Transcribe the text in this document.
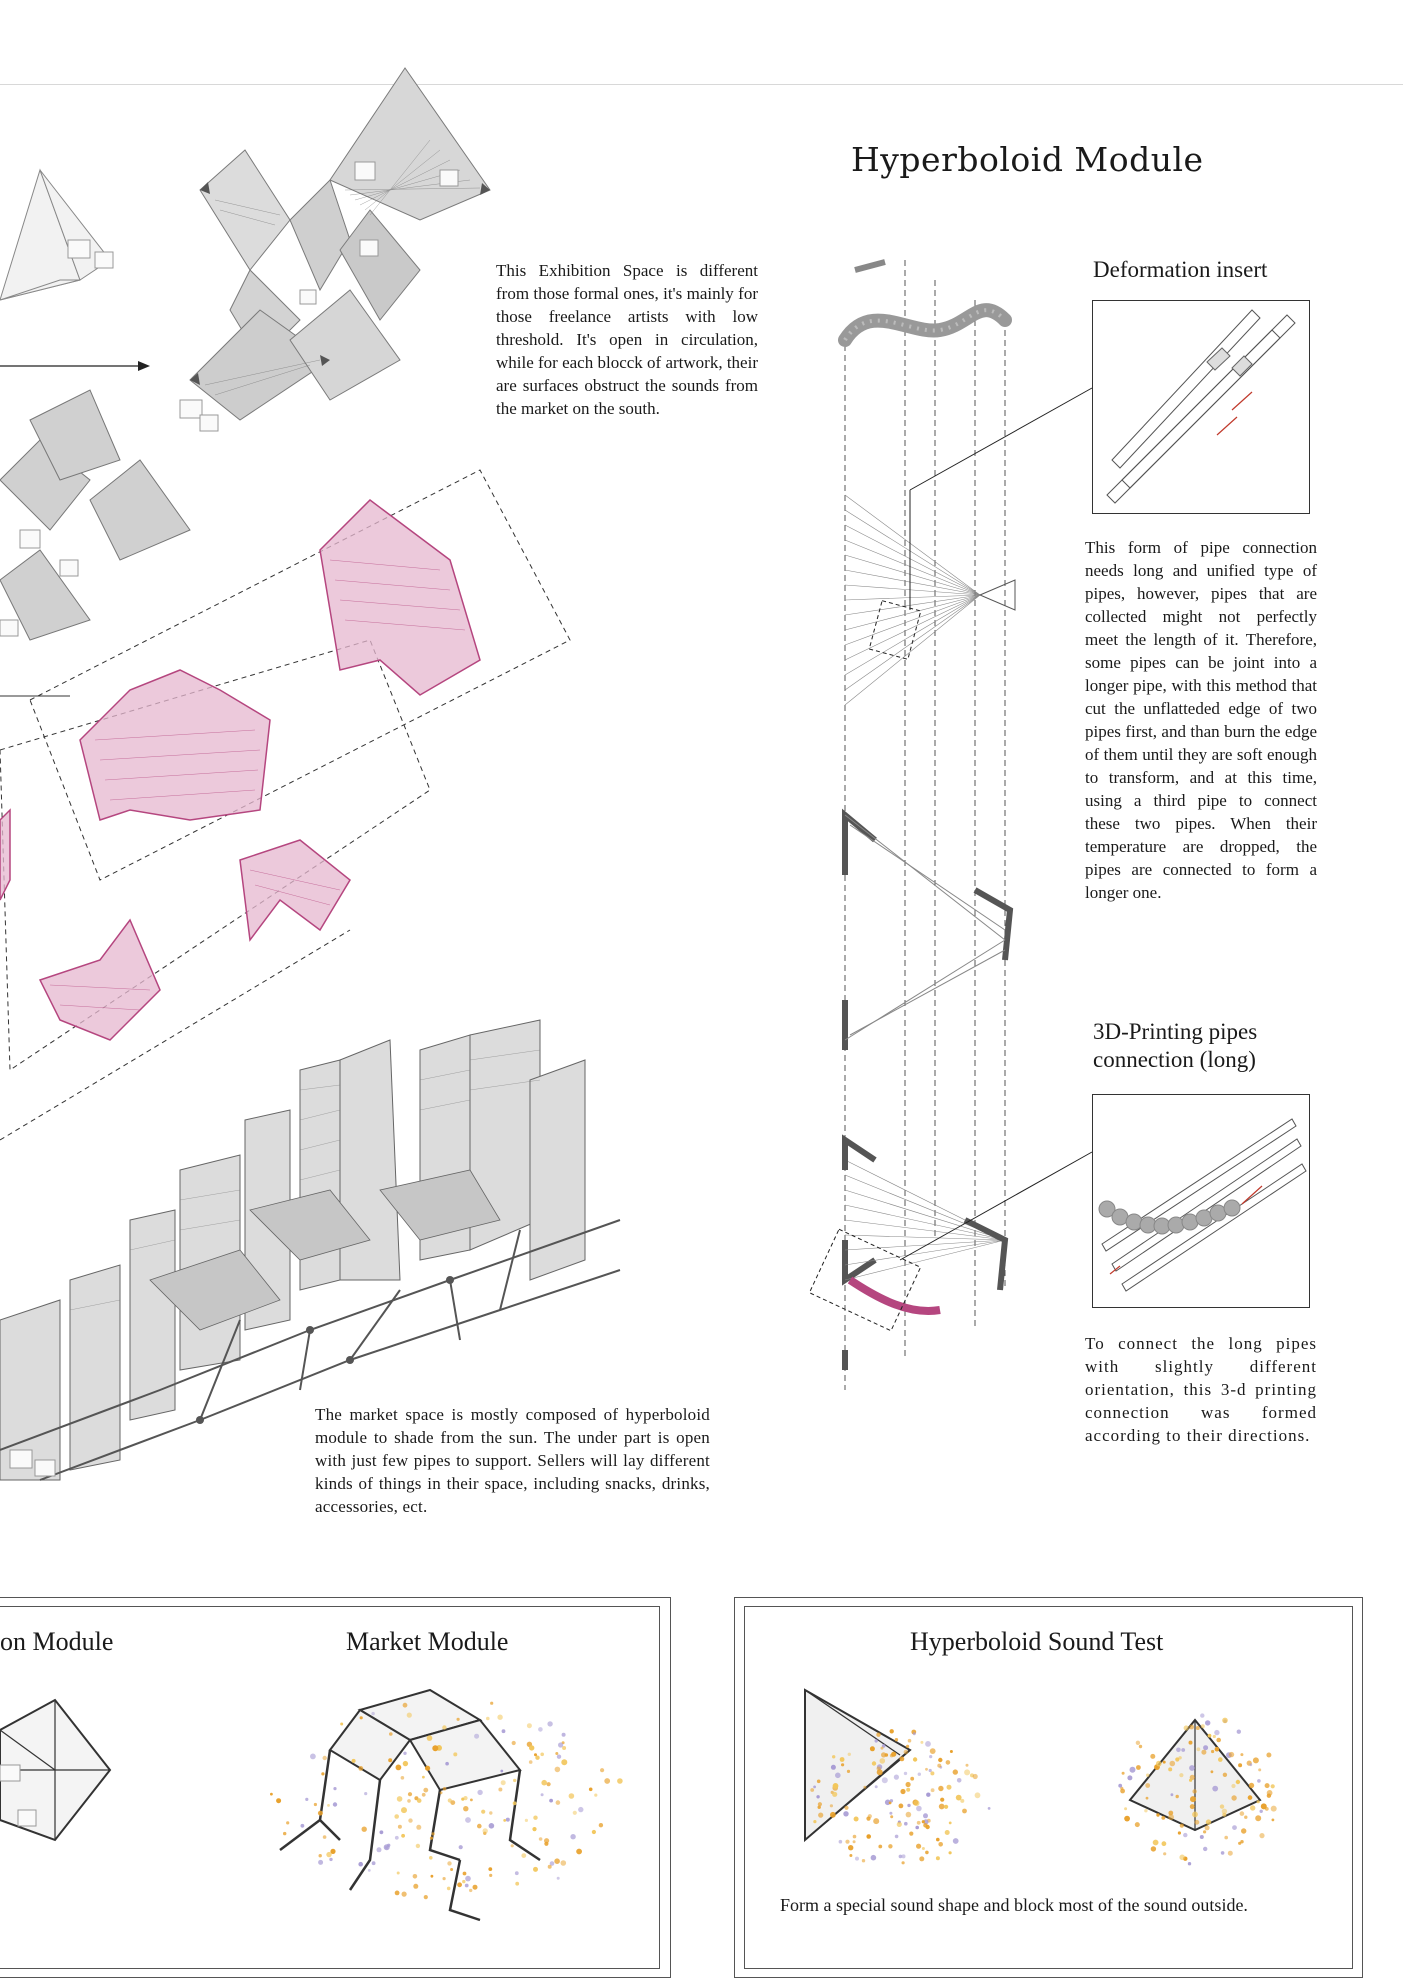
This Exhibition Space is different from those formal ones, it's mainly for those freelance artists with low threshold. It's open in circulation, while for each blocck of artwork, their are surfaces obstruct the sounds from the market on the south.
The market space is mostly composed of hyperboloid module to shade from the sun. The under part is open with just few pipes to support. Sellers will lay different kinds of things in their space, including snacks, drinks, accessories, ect.
Hyperboloid Module
Deformation insert
This form of pipe connection needs long and unified type of pipes, however, pipes that are collected might not perfectly meet the length of it. Therefore, some pipes can be joint into a longer pipe, with this method that cut the unflatteded edge of two pipes first, and than burn the edge of them until they are soft enough to transform, and at this time, using a third pipe to connect these two pipes. When their temperature are dropped, the pipes are connected to form a longer one.
3D-Printing pipes
connection (long)
To connect the long pipes with slightly different orientation, this 3-d printing connection was formed according to their directions.
on Module	Market Module	Hyperboloid Sound Test
Form a special sound shape and block most of the sound outside.
